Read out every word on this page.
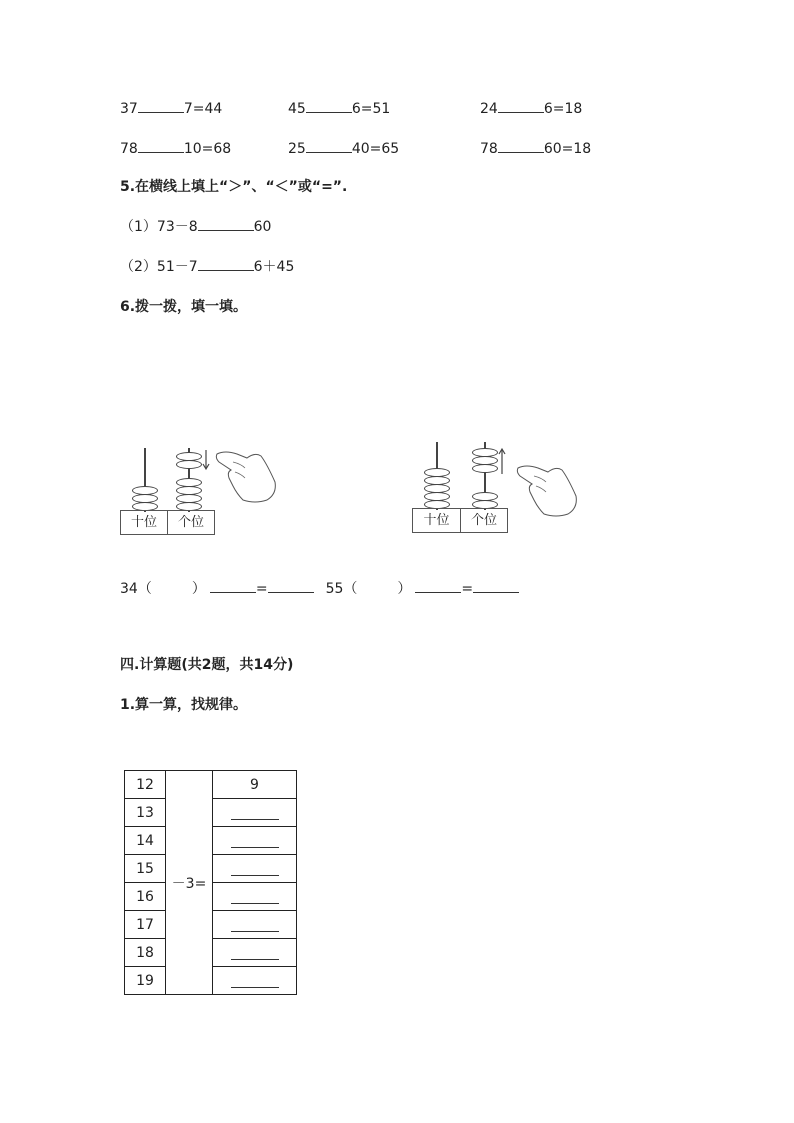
37	7=44	45	6=51	24	6=18
78	10=68	25	40=65	78	60=18
5.在横线上填上“＞”、“＜”或“=”.
（1）73－8	60
（2）51－7	6＋45
6.拨一拨，填一填。
十位	个位	十位	个位
34（	）	=	55（	）	=
四.计算题(共2题，共14分)
1.算一算，找规律。
12	－3=	9
13		
14		
15		
16		
17		
18		
19		
